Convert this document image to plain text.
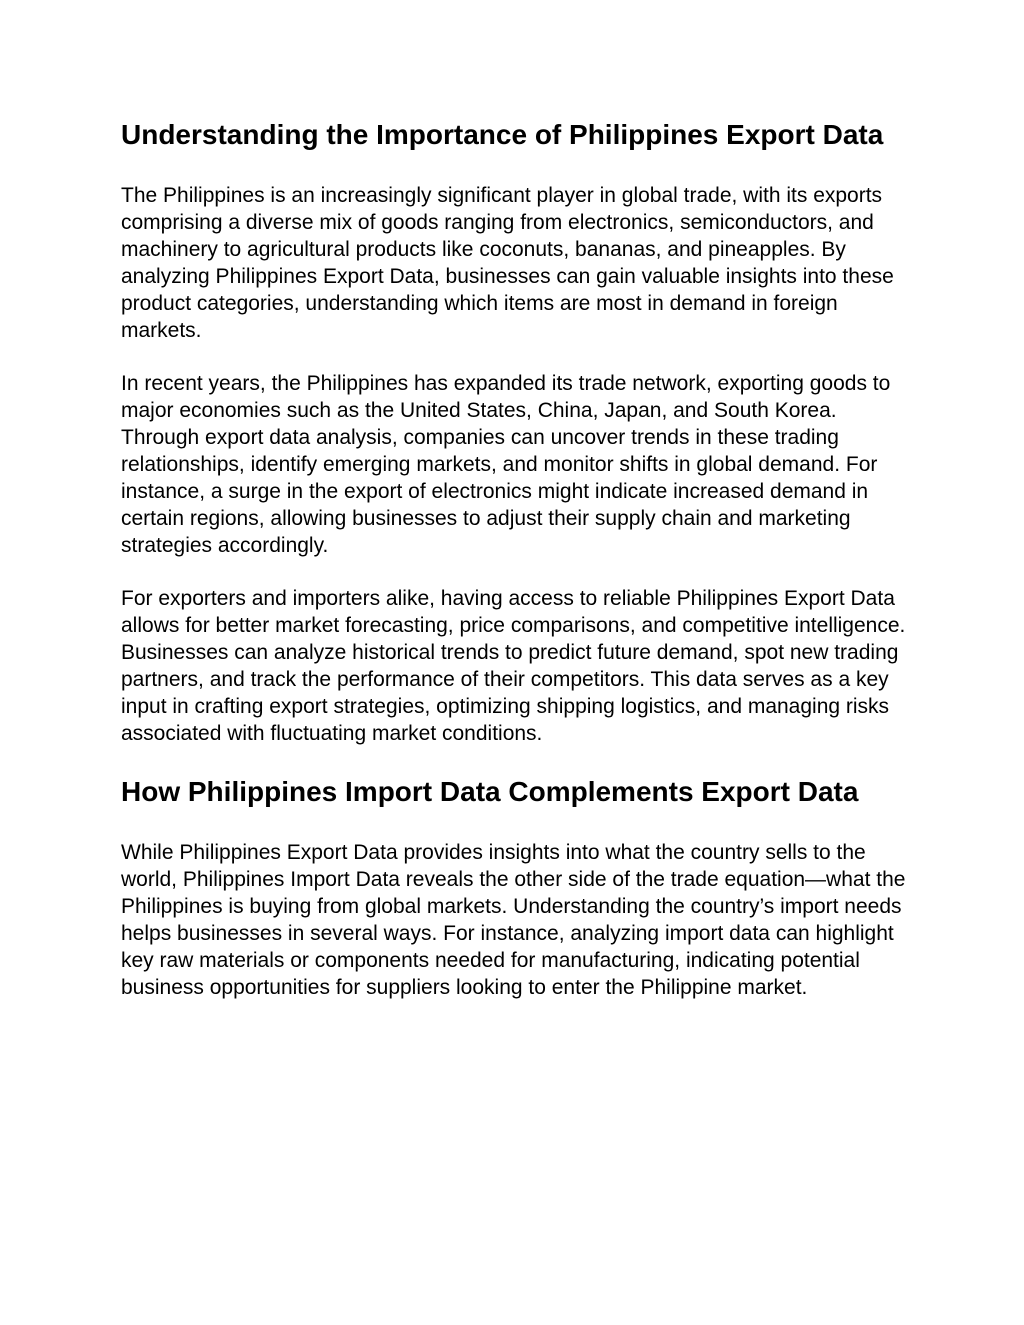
Understanding the Importance of Philippines Export Data

The Philippines is an increasingly significant player in global trade, with its exports comprising a diverse mix of goods ranging from electronics, semiconductors, and machinery to agricultural products like coconuts, bananas, and pineapples. By analyzing Philippines Export Data, businesses can gain valuable insights into these product categories, understanding which items are most in demand in foreign markets.

In recent years, the Philippines has expanded its trade network, exporting goods to major economies such as the United States, China, Japan, and South Korea. Through export data analysis, companies can uncover trends in these trading relationships, identify emerging markets, and monitor shifts in global demand. For instance, a surge in the export of electronics might indicate increased demand in certain regions, allowing businesses to adjust their supply chain and marketing strategies accordingly.

For exporters and importers alike, having access to reliable Philippines Export Data allows for better market forecasting, price comparisons, and competitive intelligence. Businesses can analyze historical trends to predict future demand, spot new trading partners, and track the performance of their competitors. This data serves as a key input in crafting export strategies, optimizing shipping logistics, and managing risks associated with fluctuating market conditions.

How Philippines Import Data Complements Export Data

While Philippines Export Data provides insights into what the country sells to the world, Philippines Import Data reveals the other side of the trade equation—what the Philippines is buying from global markets. Understanding the country’s import needs helps businesses in several ways. For instance, analyzing import data can highlight key raw materials or components needed for manufacturing, indicating potential business opportunities for suppliers looking to enter the Philippine market.
